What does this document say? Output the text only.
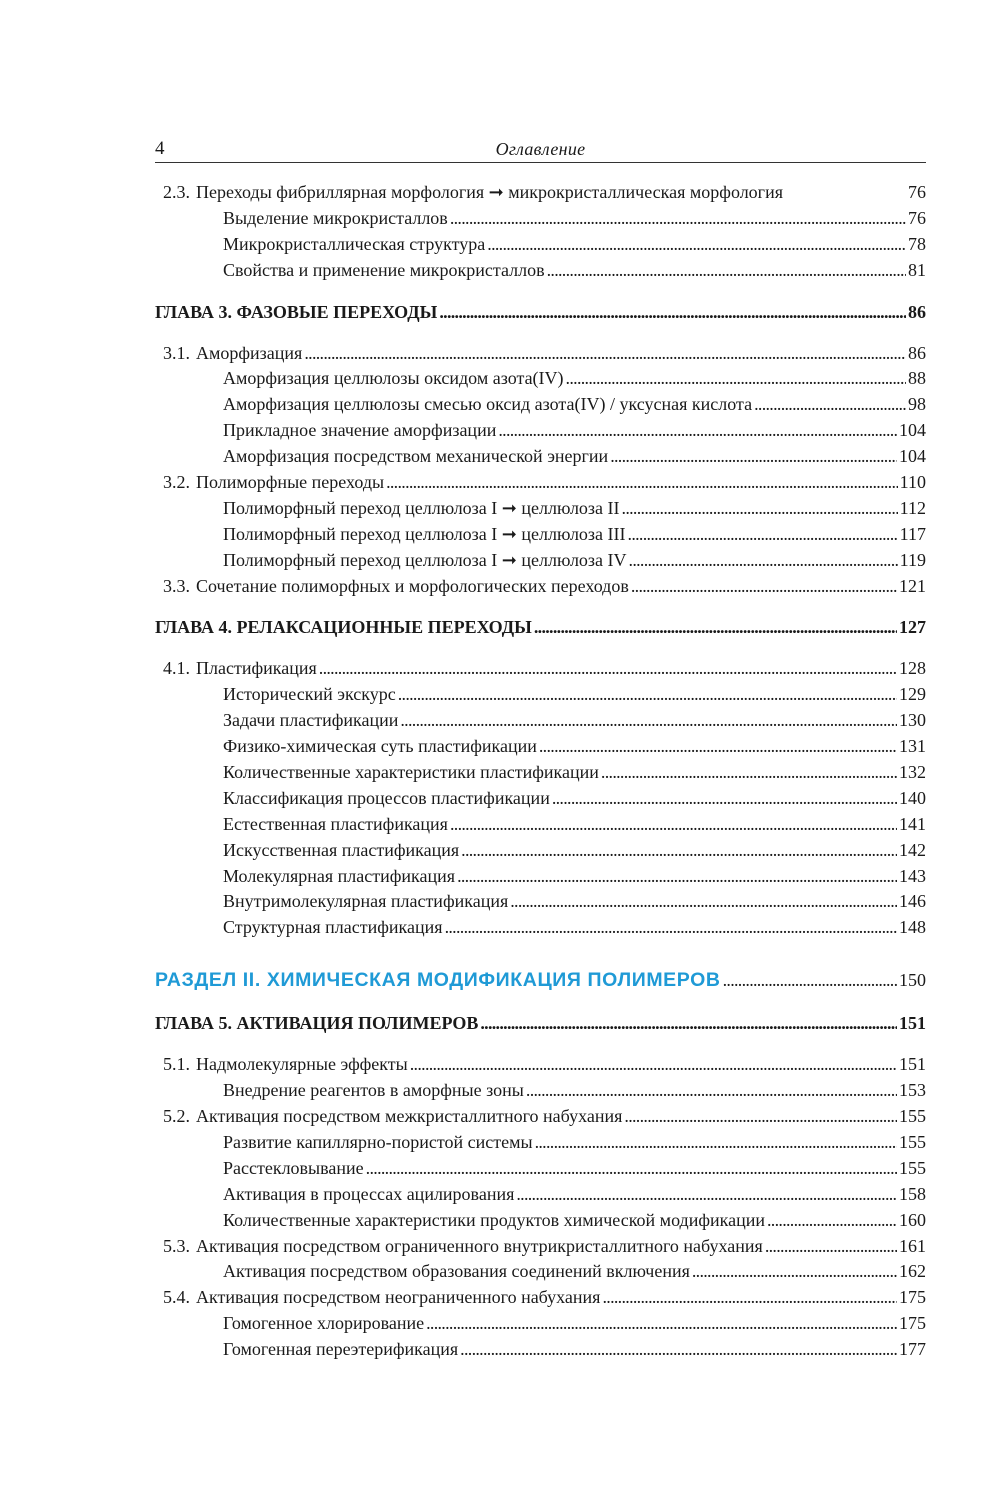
4	Оглавление
2.3. Переходы фибриллярная морфология ➞ микрокристаллическая морфология	76
Выделение микрокристаллов . . .	76
Микрокристаллическая структура . . .	78
Свойства и применение микрокристаллов . . .	81
ГЛАВА 3. ФАЗОВЫЕ ПЕРЕХОДЫ . . .	86
3.1. Аморфизация . . .	86
Аморфизация целлюлозы оксидом азота(IV) . . .	88
Аморфизация целлюлозы смесью оксид азота(IV) / уксусная кислота . . .	98
Прикладное значение аморфизации . . .	104
Аморфизация посредством механической энергии . . .	104
3.2. Полиморфные переходы . . .	110
Полиморфный переход целлюлоза I ➞ целлюлоза II . . .	112
Полиморфный переход целлюлоза I ➞ целлюлоза III . . .	117
Полиморфный переход целлюлоза I ➞ целлюлоза IV . . .	119
3.3. Сочетание полиморфных и морфологических переходов . . .	121
ГЛАВА 4. РЕЛАКСАЦИОННЫЕ ПЕРЕХОДЫ . . .	127
4.1. Пластификация . . .	128
Исторический экскурс . . .	129
Задачи пластификации . . .	130
Физико-химическая суть пластификации . . .	131
Количественные характеристики пластификации . . .	132
Классификация процессов пластификации . . .	140
Естественная пластификация . . .	141
Искусственная пластификация . . .	142
Молекулярная пластификация . . .	143
Внутримолекулярная пластификация . . .	146
Структурная пластификация . . .	148
РАЗДЕЛ II. ХИМИЧЕСКАЯ МОДИФИКАЦИЯ ПОЛИМЕРОВ . . .	150
ГЛАВА 5. АКТИВАЦИЯ ПОЛИМЕРОВ . . .	151
5.1. Надмолекулярные эффекты . . .	151
Внедрение реагентов в аморфные зоны . . .	153
5.2. Активация посредством межкристаллитного набухания . . .	155
Развитие капиллярно-пористой системы . . .	155
Расстекловывание . . .	155
Активация в процессах ацилирования . . .	158
Количественные характеристики продуктов химической модификации . . .	160
5.3. Активация посредством ограниченного внутрикристаллитного набухания . . .	161
Активация посредством образования соединений включения . . .	162
5.4. Активация посредством неограниченного набухания . . .	175
Гомогенное хлорирование . . .	175
Гомогенная переэтерификация . . .	177
